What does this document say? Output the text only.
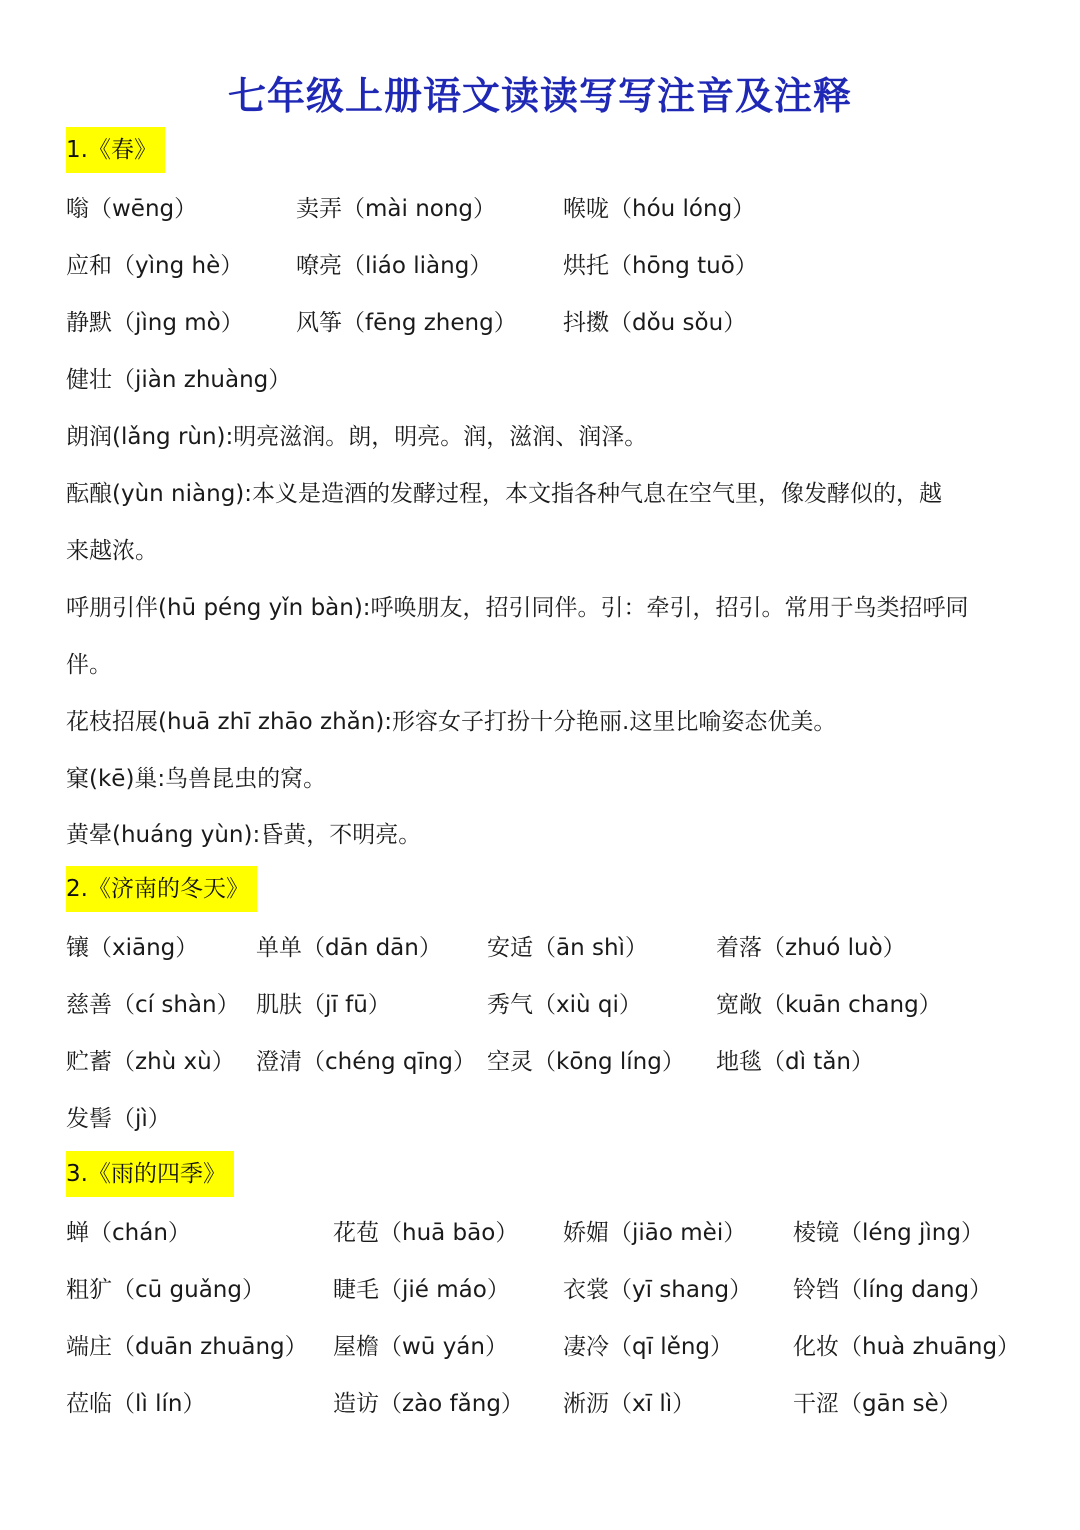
七年级上册语文读读写写注音及注释
1.《春》
嗡（wēng）	卖弄（mài nong）	喉咙（hóu lóng）
应和（yìng hè） 嘹亮（liáo liàng）	烘托（hōng tuō）
静默（jìng mò） 风筝（fēng zheng） 抖擞（dǒu sǒu）
健壮（jiàn zhuàng）
朗润(lǎng rùn):明亮滋润。朗，明亮。润，滋润、润泽。
酝酿(yùn niàng):本义是造酒的发酵过程，本文指各种气息在空气里，像发酵似的，越
来越浓。
呼朋引伴(hū péng yǐn bàn):呼唤朋友，招引同伴。引：牵引，招引。常用于鸟类招呼同
伴。
花枝招展(huā zhī zhāo zhǎn):形容女子打扮十分艳丽.这里比喻姿态优美。
窠(kē)巢:鸟兽昆虫的窝。
黄晕(huáng yùn):昏黄，不明亮。
2.《济南的冬天》
镶（xiāng）	单单（dān dān） 安适（ān shì）	着落（zhuó luò）
慈善（cí shàn） 肌肤（jī fū）	秀气（xiù qi）	宽敞（kuān chang）
贮蓄（zhù xù） 澄清（chéng qīng） 空灵（kōng líng） 地毯（dì tǎn）
发髻（jì）
3.《雨的四季》
蝉（chán）	花苞（huā bāo） 娇媚（jiāo mèi） 棱镜（léng jìng）
粗犷（cū guǎng）	睫毛（jié máo） 衣裳（yī shang） 铃铛（líng dang）
端庄（duān zhuāng） 屋檐（wū yán） 凄冷（qī lěng）	化妆（huà zhuāng）
莅临（lì lín）	造访（zào fǎng） 淅沥（xī lì）	干涩（gān sè）
